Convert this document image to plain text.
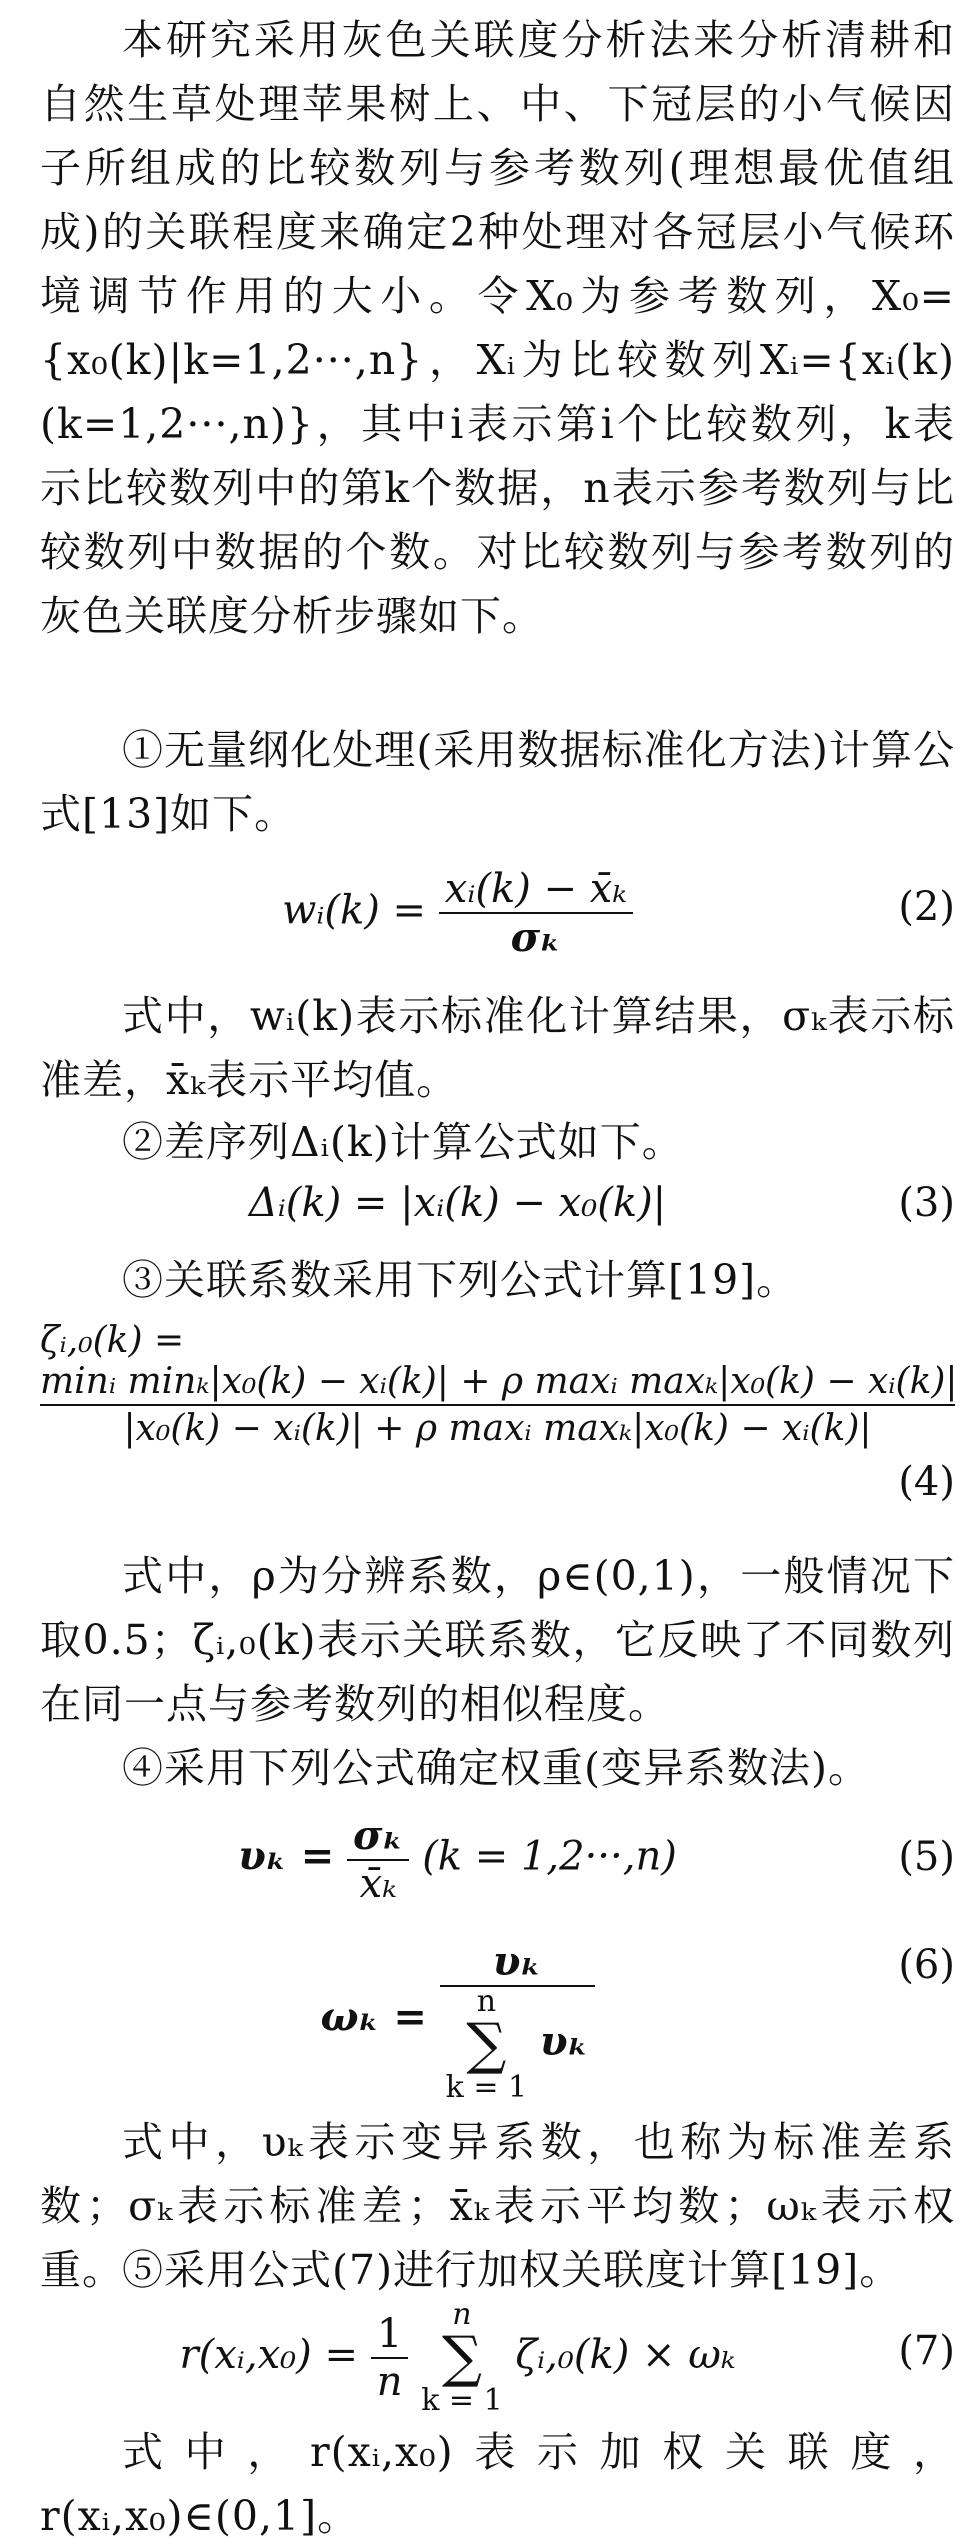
本研究采用灰色关联度分析法来分析清耕和自然生草处理苹果树上、中、下冠层的小气候因子所组成的比较数列与参考数列(理想最优值组成)的关联程度来确定2种处理对各冠层小气候环境调节作用的大小。令X₀为参考数列，X₀={x₀(k)|k=1,2···,n}，Xᵢ为比较数列Xᵢ={xᵢ(k)(k=1,2···,n)}，其中i表示第i个比较数列，k表示比较数列中的第k个数据，n表示参考数列与比较数列中数据的个数。对比较数列与参考数列的灰色关联度分析步骤如下。

①无量纲化处理(采用数据标准化方法)计算公式[13]如下。

wᵢ(k) = $\frac{\text{xᵢ(k) − x̄ₖ}}{\text{σₖ}}$	(2)

式中，wᵢ(k)表示标准化计算结果，σₖ表示标准差，x̄ₖ表示平均值。

②差序列Δᵢ(k)计算公式如下。

Δᵢ(k) = |xᵢ(k) − x₀(k)|	(3)

③关联系数采用下列公式计算[19]。

ζᵢ,₀(k) =
minᵢ minₖ|x₀(k) − xᵢ(k)| + ρ maxᵢ maxₖ|x₀(k) − xᵢ(k)|
|x₀(k) − xᵢ(k)| + ρ maxᵢ maxₖ|x₀(k) − xᵢ(k)|
(4)

式中，ρ为分辨系数，ρ∈(0,1)，一般情况下取0.5；ζᵢ,₀(k)表示关联系数，它反映了不同数列在同一点与参考数列的相似程度。

④采用下列公式确定权重(变异系数法)。

$\upsilon_k = \frac{\text{σₖ}}{\text{x̄ₖ}} (k = 1,2\cdot\cdot\cdot,n)$	(5)
ωₖ = υₖ
n
∑
k = 1 υₖ	(6)

式中，υₖ表示变异系数，也称为标准差系数；σₖ表示标准差；x̄ₖ表示平均数；ωₖ表示权重。

⑤采用公式(7)进行加权关联度计算[19]。

r(xᵢ,x₀) = $\frac{1}{n}$ n
∑
k = 1 ζᵢ,₀(k) × ωₖ	(7)

式中，r(xᵢ,x₀)表示加权关联度，r(xᵢ,x₀)∈(0,1]。
